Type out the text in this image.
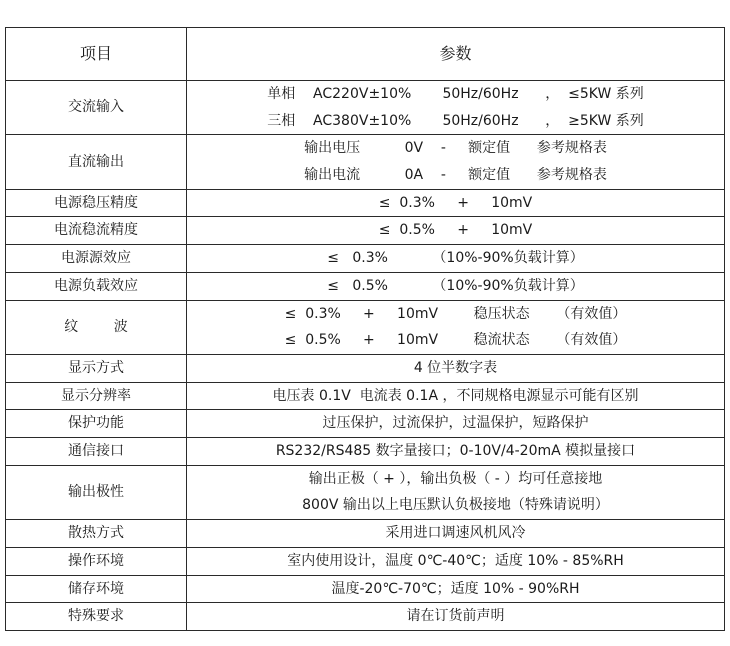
项目	参数
交流输入	单相    AC220V±10%       50Hz/60Hz      ，  ≤5KW 系列
三相    AC380V±10%       50Hz/60Hz      ，  ≥5KW 系列

直流输出	输出电压          0V    -     额定值      参考规格表
输出电流          0A    -     额定值      参考规格表

电源稳压精度	≤  0.3%     +     10mV

电流稳流精度	≤  0.5%     +     10mV

电源源效应	≤   0.3%          （10%-90%负载计算）

电源负载效应	≤   0.5%          （10%-90%负载计算）

纹        波	≤  0.3%     +     10mV        稳压状态      （有效值）
≤  0.5%     +     10mV        稳流状态      （有效值）

显示方式	4 位半数字表

显示分辨率	电压表 0.1V  电流表 0.1A ，不同规格电源显示可能有区别

保护功能	过压保护，过流保护，过温保护，短路保护

通信接口	RS232/RS485 数字量接口；0-10V/4-20mA 模拟量接口

输出极性	输出正极（ + ），输出负极（ - ）均可任意接地
800V 输出以上电压默认负极接地（特殊请说明）

散热方式	采用进口调速风机风冷

操作环境	室内使用设计，温度 0℃-40℃；适度 10% - 85%RH

储存环境	温度-20℃-70℃；适度 10% - 90%RH

特殊要求	请在订货前声明
